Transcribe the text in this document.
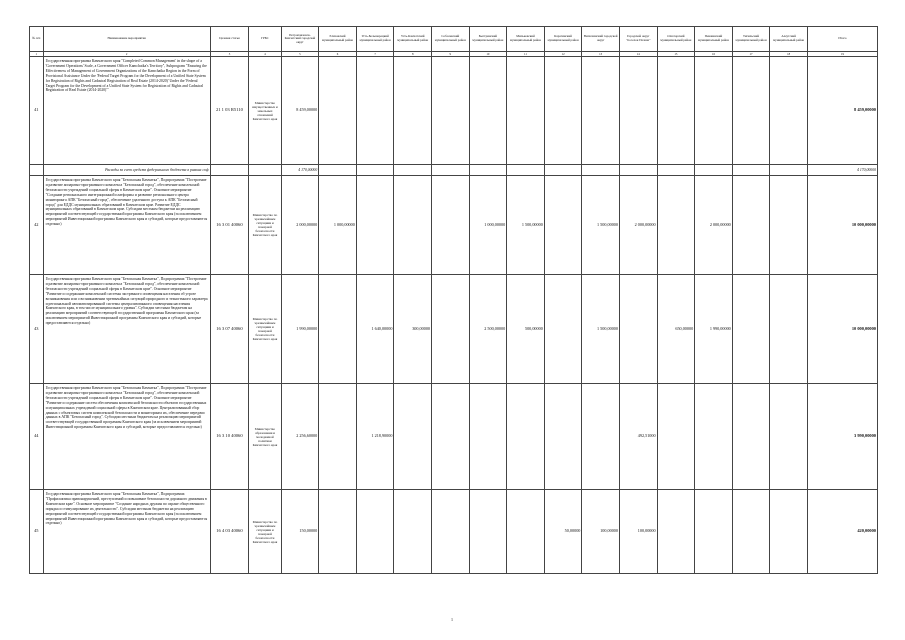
№ п/п	Наименование мероприятия	Целевая статья	ГРБС	Петропавловск-Камчатский городской округ	Елизовский муниципальный район	Усть-Большерецкий муниципальный район	Усть-Камчатский муниципальный район	Соболевский муниципальный район	Быстринский муниципальный район	Мильковский муниципальный район	Карагинский муниципальный район	Вилючинский городской округ	Городской округ "поселок Палана"	Олюторский муниципальный район	Пенжинский муниципальный район	Тигильский муниципальный район	Алеутский муниципальный район	Итого
1	2	3	4	5	6	7	8	9	10	11	12	13	14	15	16	17	18	19
41	Государственная программа Камчатского края "Completed Common Management' in the shape of a 'Government Operations' Scale, a Government Officer Kamchatka's Territory", Subprogram "Ensuring the Effectiveness of Management of Government Organizations of the Kamchatka Region in the Form of Provisional Assistance Under the 'Federal Target Program for the Development of a Unified State System for Registration of Rights and Cadastral Registration of Real Estate (2014-2020)' Under the 'Federal Target Program for the Development of a Unified State System for Registration of Rights and Cadastral Registration of Real Estate (2014-2020)'"	21 1 03 R5110	Министерство имущественных и земельных отношений Камчатского края	8 459,00000														8 459,00000
	Расходы за счет средств федерального бюджета в рамках соф			4 170,00000														4 170,00000
42	Государственная программа Камчатского края "Безопасная Камчатка", Подпрограмма "Построение и развитие аппаратно-программного комплекса "Безопасный город", обеспечение комплексной безопасности учреждений социальной сферы в Камчатском крае". Основное мероприятие "Создание регионального интеграционной платформы и развитие регионального центра мониторинга АПК "Безопасный город", обеспечение удаленного доступа к АПК "Безопасный город" для ЕДДС муниципальных образований в Камчатском крае. Развитие ЕДДС муниципальных образований в Камчатском крае. Субсидии местным бюджетам на реализацию мероприятий соответствующей государственной программы Камчатского края (за исключением мероприятий Инвестиционной программы Камчатского края и субсидий, которые предоставляются отдельно)	16 3 01 40060	Министерство по чрезвычайным ситуациям и пожарной безопасности Камчатского края	2 000,00000	1 000,00000				1 000,00000	1 500,00000		1 500,00000	2 000,00000		2 000,00000			10 000,00000
43	Государственная программа Камчатского края "Безопасная Камчатка", Подпрограмма "Построение и развитие аппаратно-программного комплекса "Безопасный город", обеспечение комплексной безопасности учреждений социальной сферы в Камчатском крае". Основное мероприятие "Развитие и содержание комплексной системы экстренного оповещения населения об угрозе возникновения или о возникновении чрезвычайных ситуаций природного и техногенного характера и региональной автоматизированной системы централизованного оповещения населения Камчатского края, в том числе муниципального уровня". Субсидии местным бюджетам на реализацию мероприятий соответствующей государственной программы Камчатского края (за исключением мероприятий Инвестиционной программы Камчатского края и субсидий, которые предоставляются отдельно)	16 3 07 40060	Министерство по чрезвычайным ситуациям и пожарной безопасности Камчатского края	1 990,00000		1 640,00000	300,00000		2 500,00000	500,00000		1 500,00000		650,00000	1 990,00000			10 000,00000
44	Государственная программа Камчатского края "Безопасная Камчатка", Подпрограмма "Построение и развитие аппаратно-программного комплекса "Безопасный город", обеспечение комплексной безопасности учреждений социальной сферы в Камчатском крае". Основное мероприятие "Развитие и содержание систем обеспечения комплексной безопасности объектов государственных и муниципальных учреждений социальной сферы в Камчатском крае. Централизованный сбор данных с объектовых систем комплексной безопасности и мониторинга их, обеспечение передачи данных в АПК "Безопасный город". Субсидии местным бюджетам на реализацию мероприятий соответствующей государственной программы Камчатского края (за исключением мероприятий Инвестиционной программы Камчатского края и субсидий, которые предоставляются отдельно)	16 3 10 40060	Министерство образования и молодежной политики Камчатского края	2 256,60000		1 218,90000							492,51000					3 990,00000
45	Государственная программа Камчатского края "Безопасная Камчатка", Подпрограмма "Профилактика правонарушений, преступлений и повышение безопасности дорожного движения в Камчатском крае". Основное мероприятие "Создание народных дружин по охране общественного порядка и стимулирование их деятельности". Субсидии местным бюджетам на реализацию мероприятий соответствующей государственной программы Камчатского края (за исключением мероприятий Инвестиционной программы Камчатского края и субсидий, которые предоставляются отдельно)	16 4 03 40060	Министерство по чрезвычайным ситуациям и пожарной безопасности Камчатского края	150,00000							50,00000	100,00000	100,00000					420,00000
1
